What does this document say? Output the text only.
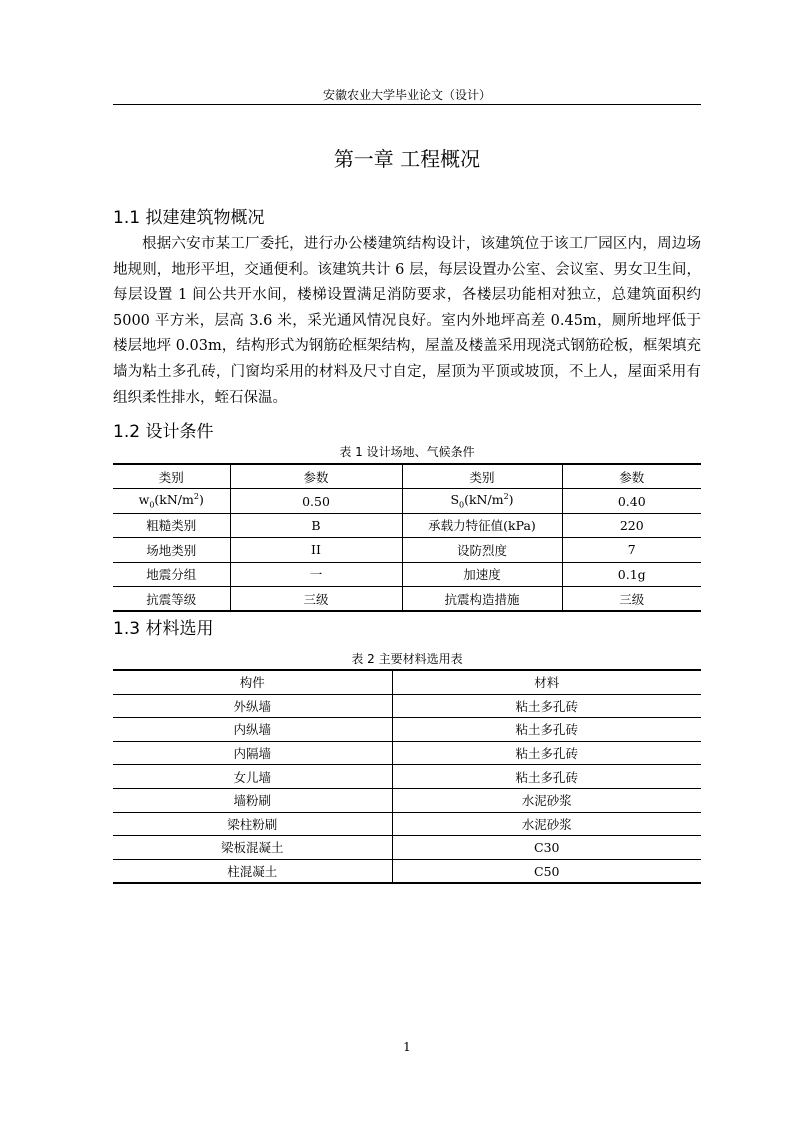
安徽农业大学毕业论文（设计）
第一章 工程概况
1.1 拟建建筑物概况

根据六安市某工厂委托，进行办公楼建筑结构设计，该建筑位于该工厂园区内，周边场地规则，地形平坦，交通便利。该建筑共计 6 层，每层设置办公室、会议室、男女卫生间，每层设置 1 间公共开水间，楼梯设置满足消防要求，各楼层功能相对独立，总建筑面积约 5000 平方米，层高 3.6 米，采光通风情况良好。室内外地坪高差 0.45m，厕所地坪低于楼层地坪 0.03m，结构形式为钢筋砼框架结构，屋盖及楼盖采用现浇式钢筋砼板，框架填充墙为粘土多孔砖，门窗均采用的材料及尺寸自定，屋顶为平顶或坡顶，不上人，屋面采用有组织柔性排水，蛭石保温。

1.2 设计条件
表 1 设计场地、气候条件
类别	参数	类别	参数
$w_0(kN/m^2)$	0.50	$S_0(kN/m^2)$	0.40
粗糙类别	B	承载力特征值(kPa)	220
场地类别	II	设防烈度	7
地震分组	一	加速度	0.1g
抗震等级	三级	抗震构造措施	三级
1.3 材料选用
表 2 主要材料选用表
构件	材料
外纵墙	粘土多孔砖
内纵墙	粘土多孔砖
内隔墙	粘土多孔砖
女儿墙	粘土多孔砖
墙粉刷	水泥砂浆
梁柱粉刷	水泥砂浆
梁板混凝土	C30
柱混凝土	C50
1
